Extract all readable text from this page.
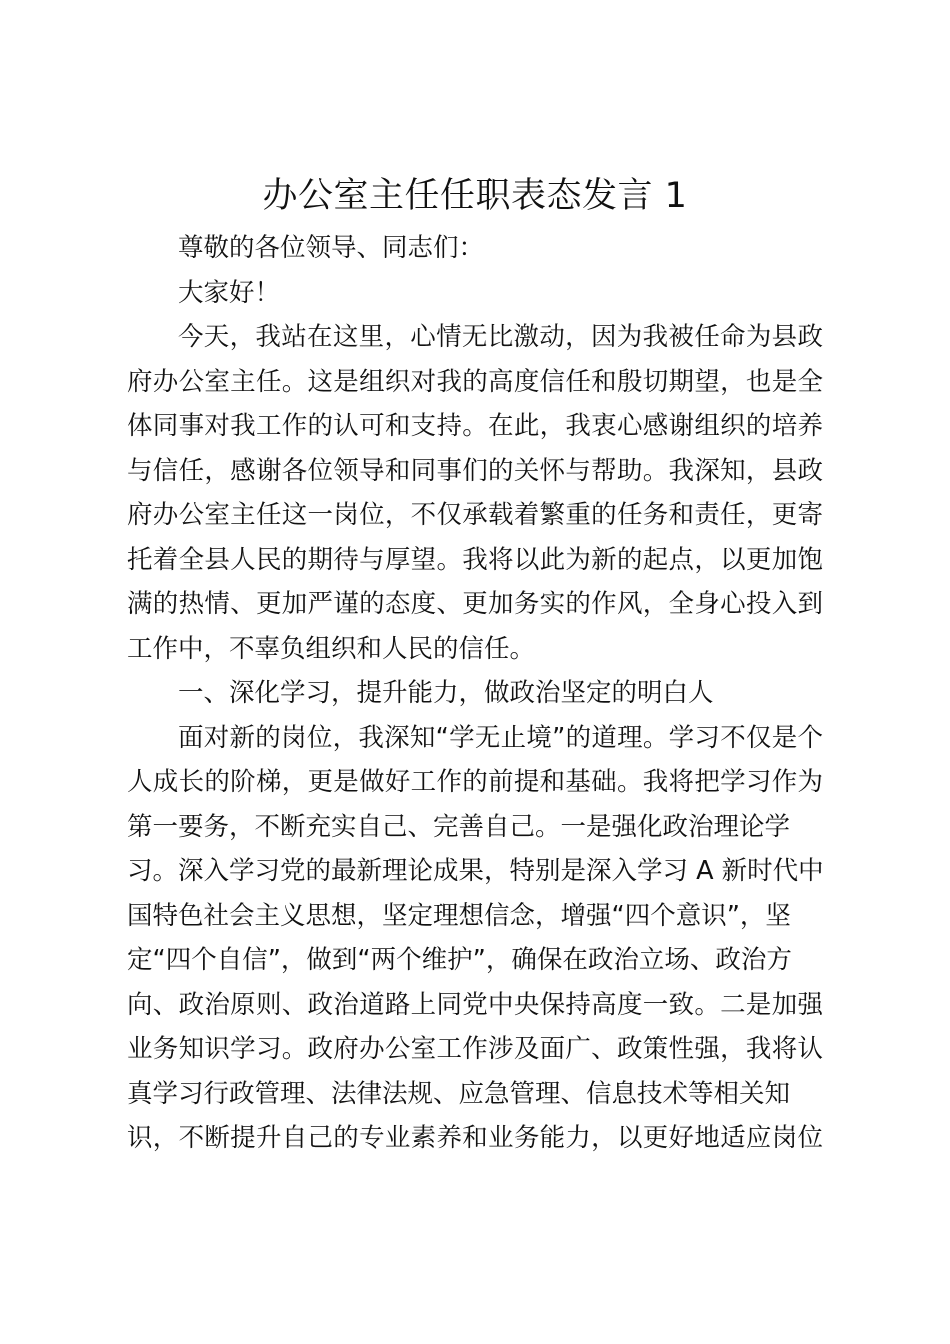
办公室主任任职表态发言 1
尊敬的各位领导、同志们：
大家好！
今天，我站在这里，心情无比激动，因为我被任命为县政
府办公室主任。这是组织对我的高度信任和殷切期望，也是全
体同事对我工作的认可和支持。在此，我衷心感谢组织的培养
与信任，感谢各位领导和同事们的关怀与帮助。我深知，县政
府办公室主任这一岗位，不仅承载着繁重的任务和责任，更寄
托着全县人民的期待与厚望。我将以此为新的起点，以更加饱
满的热情、更加严谨的态度、更加务实的作风，全身心投入到
工作中，不辜负组织和人民的信任。
一、深化学习，提升能力，做政治坚定的明白人
面对新的岗位，我深知“学无止境”的道理。学习不仅是个
人成长的阶梯，更是做好工作的前提和基础。我将把学习作为
第一要务，不断充实自己、完善自己。一是强化政治理论学
习。深入学习党的最新理论成果，特别是深入学习 A 新时代中
国特色社会主义思想，坚定理想信念，增强“四个意识”，坚
定“四个自信”，做到“两个维护”，确保在政治立场、政治方
向、政治原则、政治道路上同党中央保持高度一致。二是加强
业务知识学习。政府办公室工作涉及面广、政策性强，我将认
真学习行政管理、法律法规、应急管理、信息技术等相关知
识，不断提升自己的专业素养和业务能力，以更好地适应岗位
